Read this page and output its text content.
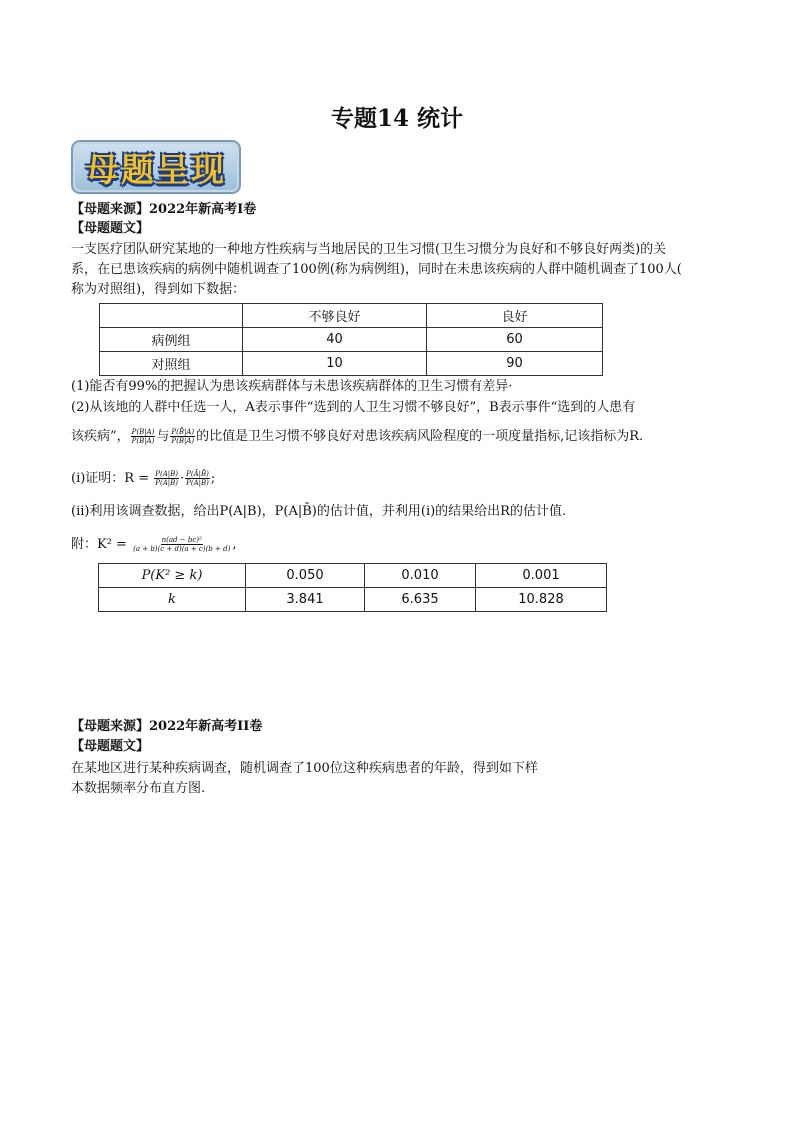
专题14 统计
母题呈现
【母题来源】2022年新高考I卷
【母题题文】
一支医疗团队研究某地的一种地方性疾病与当地居民的卫生习惯(卫生习惯分为良好和不够良好两类)的关
系，在已患该疾病的病例中随机调查了100例(称为病例组)，同时在未患该疾病的人群中随机调查了100人(
称为对照组)，得到如下数据：
	不够良好	良好
病例组	40	60
对照组	10	90
(1)能否有99%的把握认为患该疾病群体与未患该疾病群体的卫生习惯有差异·
(2)从该地的人群中任选一人，A表示事件“选到的人卫生习惯不够良好”，B表示事件“选到的人患有
该疾病”， $\frac{P(B|A)}{P(B|Ā)}$ 与 $\frac{P(B̄|A)}{P(B̄|Ā)}$ 的比值是卫生习惯不够良好对患该疾病风险程度的一项度量指标,记该指标为R.
(i)证明：$R = \frac{P(A|B)}{P(Ā|B)} \cdot \frac{P(Ā|B̄)}{P(A|B̄)}$ ;
(ii)利用该调查数据，给出P(A|B)，P(A|B̄)的估计值，并利用(i)的结果给出R的估计值.
附：$K^2 = \frac{\text{n(ad − bc)²}}{(a + b)(c + d)(a + c)(b + d)}$ ,
P(K² ≥ k)	0.050	0.010	0.001
k	3.841	6.635	10.828
【母题来源】2022年新高考II卷
【母题题文】
在某地区进行某种疾病调查，随机调查了100位这种疾病患者的年龄，得到如下样
本数据频率分布直方图.
